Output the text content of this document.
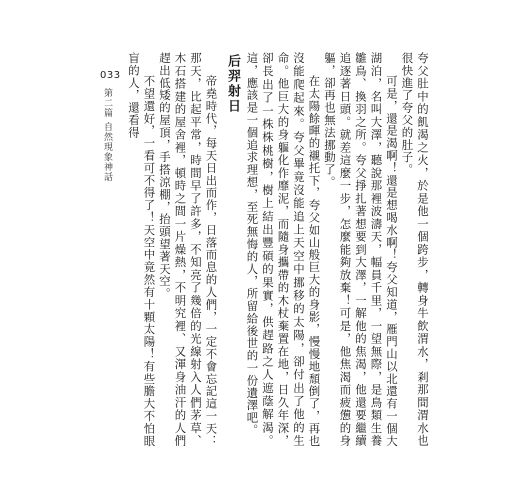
033
第二篇 自然現象神話	夸父肚中的飢渴之火，於是他一個跨步，轉身牛飲渭水，剎那間渭水也很快進了夸父的肚子。

可是，還是渴啊！還是想喝水啊！夸父知道，雁門山以北還有一個大湖泊，名叫大澤，聽說那裡波濤天，幅員千里，一望無際，是鳥類生養雛鳥、換羽之所。夸父掙扎著想要到大澤，一解他的焦渴，他還要繼續追逐著日頭。就差這麼一步，怎麼能夠放棄！可是，他焦渴而疲憊的身軀，卻再也無法挪動了。

在太陽餘暉的襯托下，夸父如山般巨大的身影，慢慢地頹倒了，再也沒能爬起來。夸父畢竟沒能追上天空中挪移的太陽，卻付出了他的生命。他巨大的身軀化作靡泥，而隨身攜帶的木杖棄置在地，日久年深，卻長出了一株株桃樹，樹上結出豐碩的果實，供趕路之人遮蔭解渴。這，應該是一個追求理想，至死無悔的人，所留給後世的一份遺澤吧。

后羿射日

帝堯時代，每天日出而作，日落而息的人們，一定不會忘記這一天：那天，比起平常，時間早了許多，不知亮了幾倍的光線射入人們茅草、木石搭建的屋舍裡，頓時之間一片燥熱，不明究裡、又渾身油汗的人們趕出低矮的屋頂，手搭涼棚，抬頭望著天空。

不望還好，一看可不得了！天空中竟然有十顆太陽！有些膽大不怕眼盲的人，還看得
